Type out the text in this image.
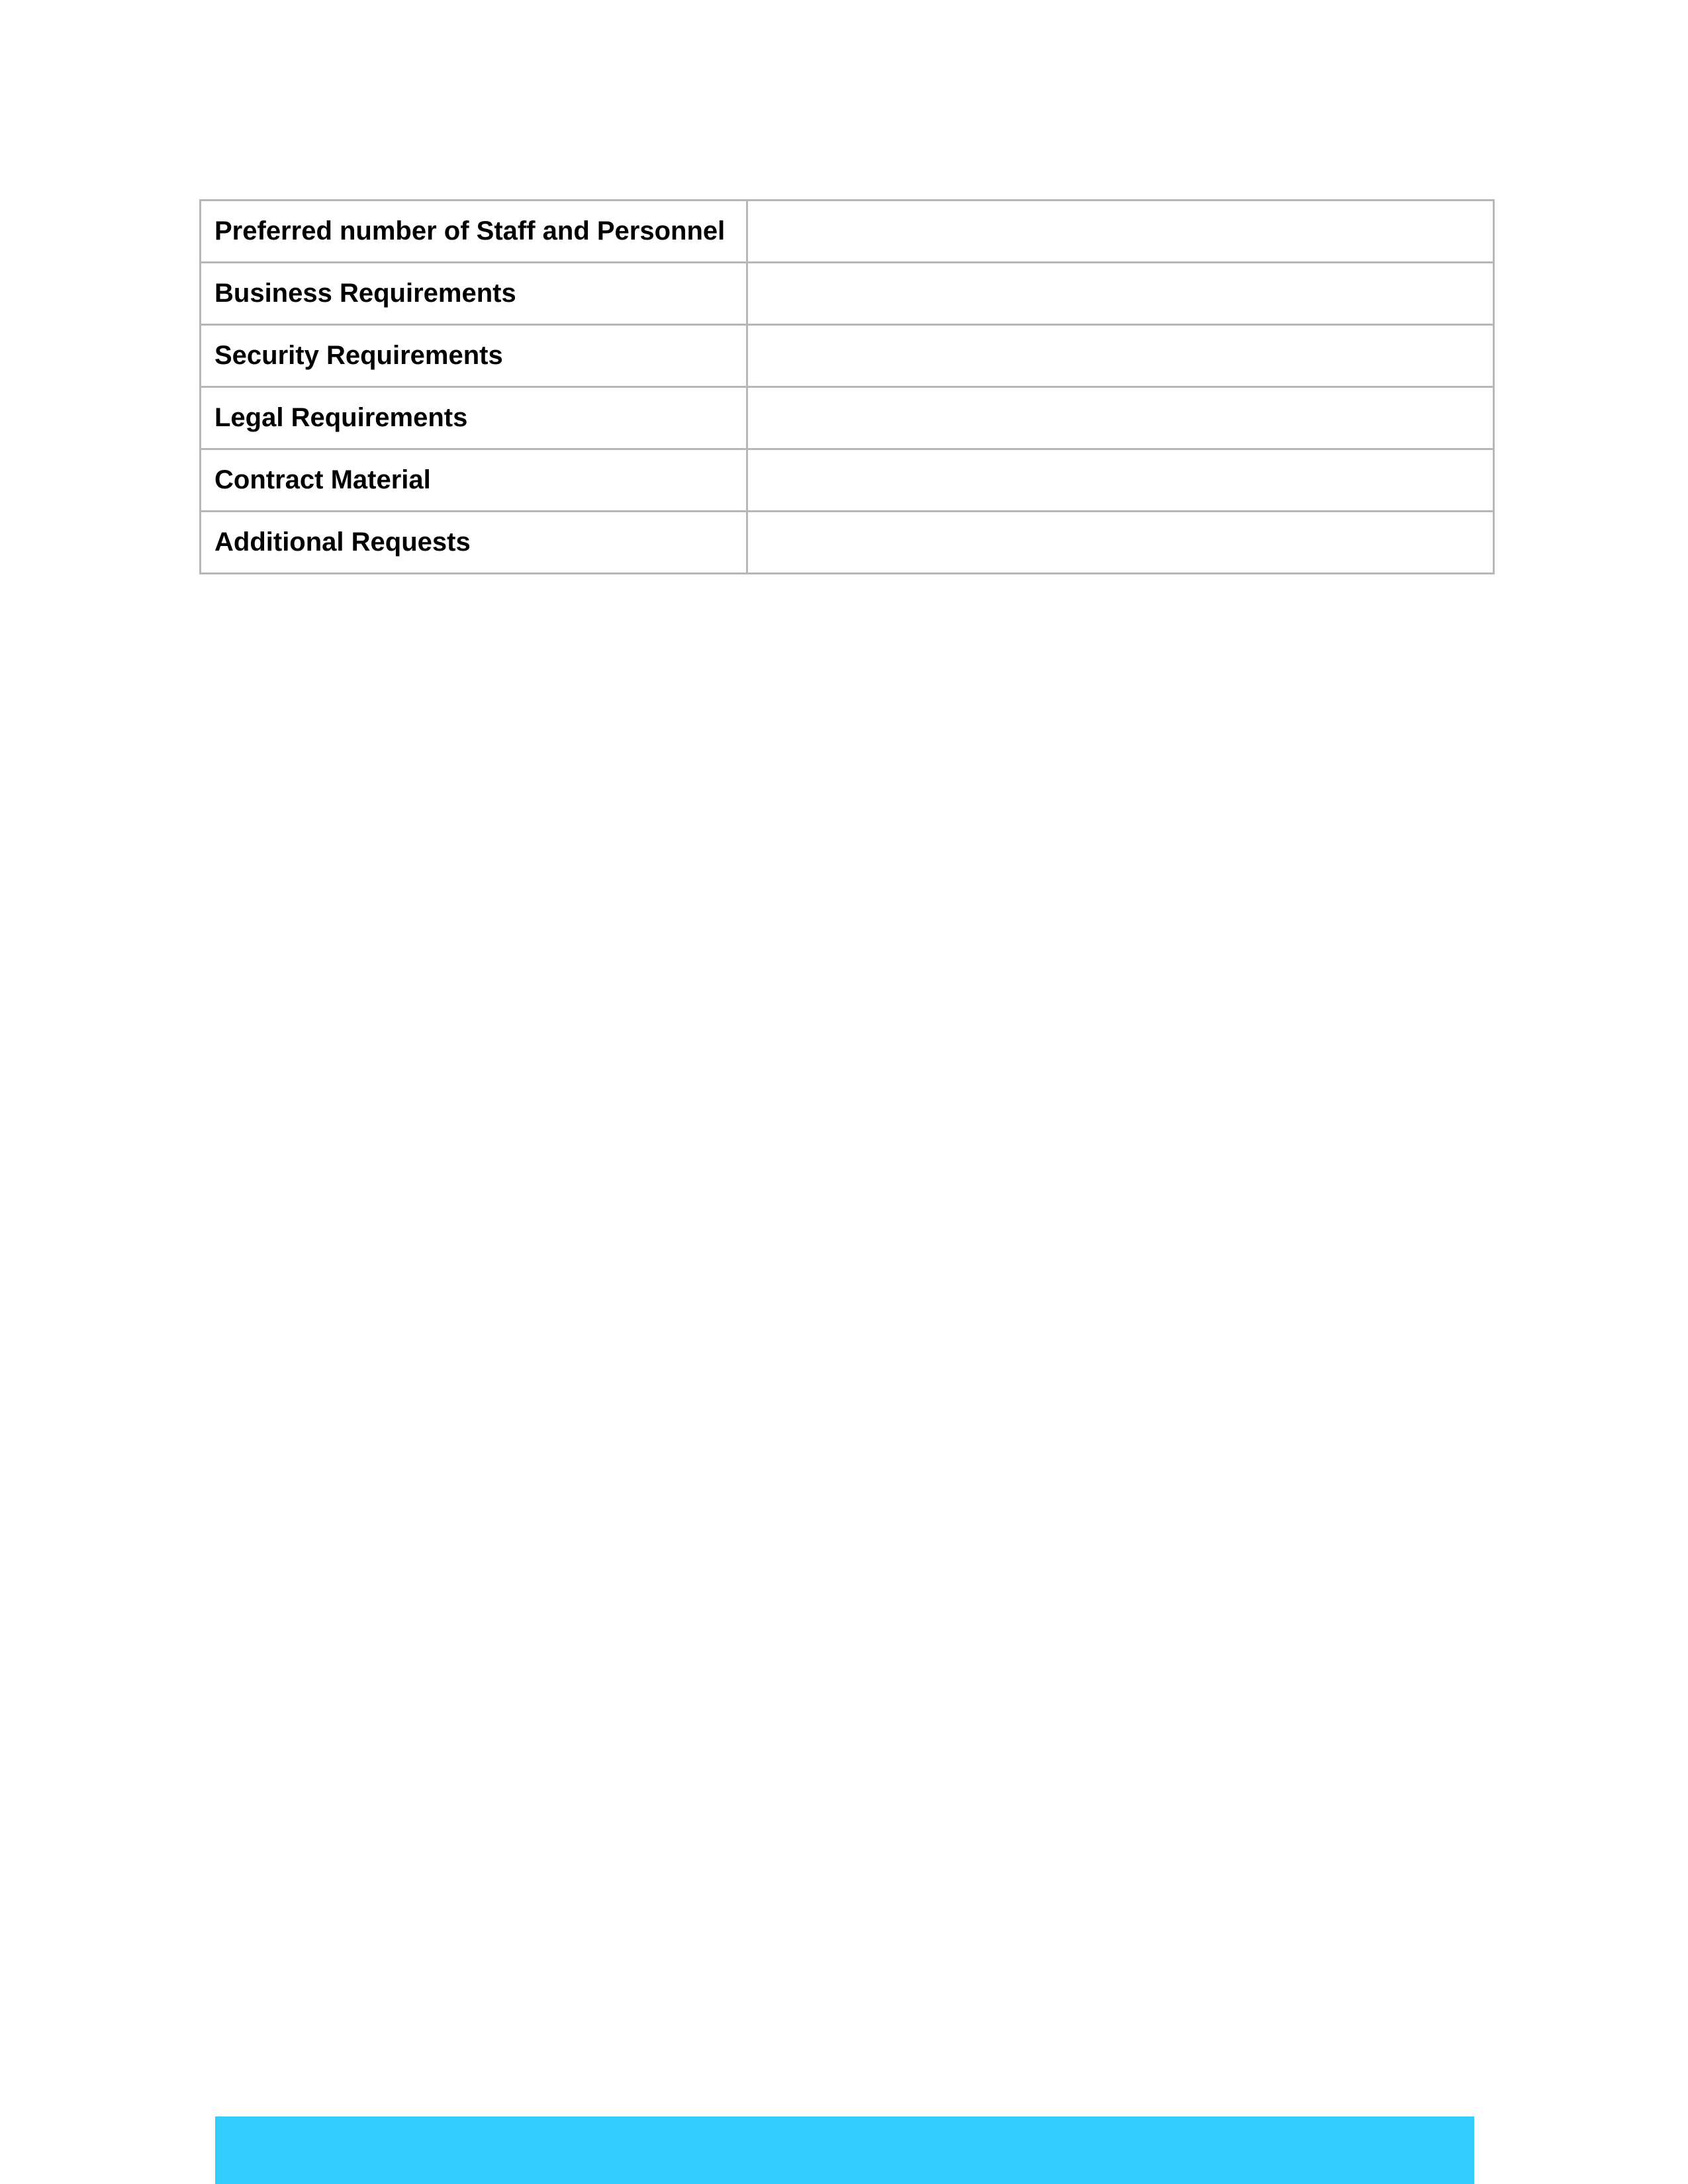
Preferred number of Staff and Personnel	
Business Requirements	
Security Requirements	
Legal Requirements	
Contract Material	
Additional Requests	
